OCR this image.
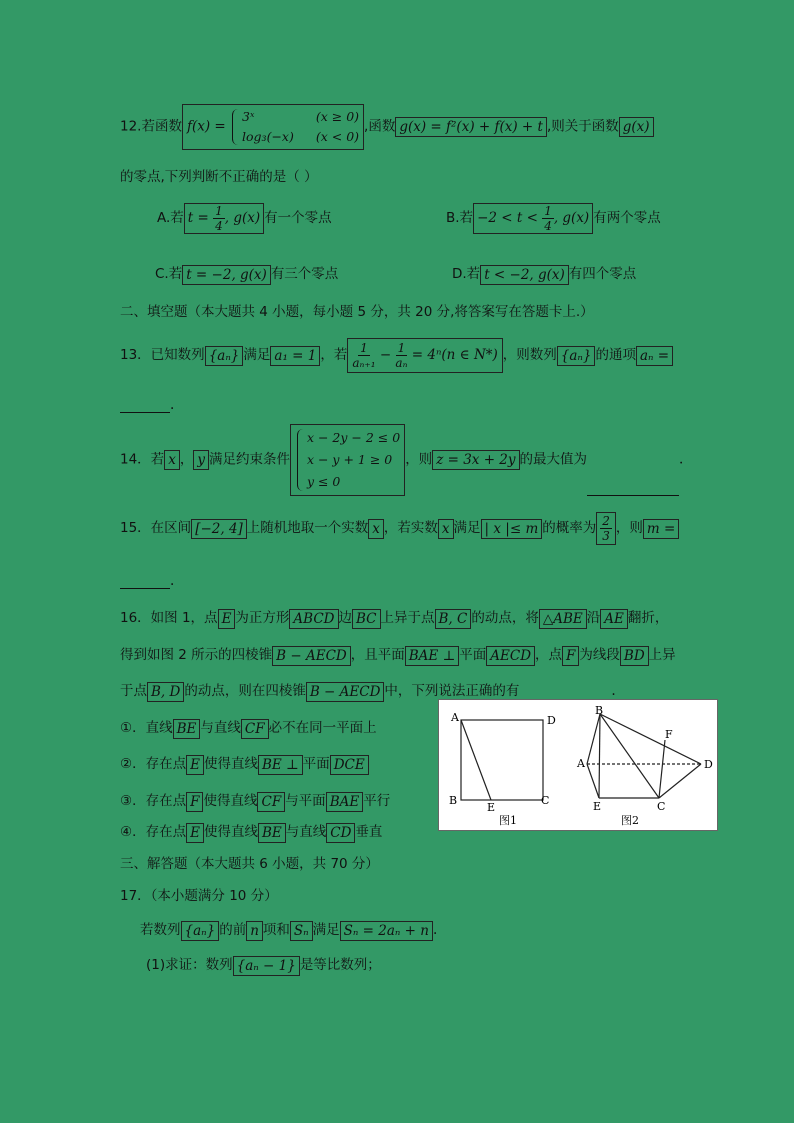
12.若函数 f(x) =
3ˣ	(x ≥ 0)
log₃(−x) (x < 0)
,函数 g(x) = f²(x) + f(x) + t ,则关于函数 g(x)
的零点,下列判断不正确的是（ ）
A.若 $t = \frac{1}{4}$ , g(x) 有一个零点	B.若 $-2 < t < \frac{1}{4}$ , g(x) 有两个零点
C.若 t = −2, g(x) 有三个零点	D.若 t < −2, g(x) 有四个零点
二、填空题（本大题共 4 小题，每小题 5 分，共 20 分,将答案写在答题卡上.）
13．已知数列 {aₙ} 满足 a₁ = 1 ，若 $\frac{1}{\text{aₙ₊₁}} - \frac{1}{\text{aₙ}} = 4^n(n$ ∈ N*) ，则数列 {aₙ} 的通项 aₙ =
.
14．若 x ， y 满足约束条件
x − 2y − 2 ≤ 0
x − y + 1 ≥ 0
y ≤ 0
，则 z = 3x + 2y 的最大值为	.
15．在区间 [−2, 4] 上随机地取一个实数 x ，若实数 x 满足 | x |≤ m 的概率为 $\frac{2}{3}$ ，则 m =
.
16．如图 1，点 E 为正方形 ABCD 边 BC 上异于点 B, C 的动点，将 △ABE 沿 AE 翻折，
得到如图 2 所示的四棱锥 B − AECD ，且平面 BAE ⊥ 平面 AECD ，点 F 为线段 BD 上异
于点 B, D 的动点，则在四棱锥 B − AECD 中，下列说法正确的有	.
①．直线 BE 与直线 CF 必不在同一平面上
②．存在点 E 使得直线 BE ⊥ 平面 DCE
③．存在点 F 使得直线 CF 与平面 BAE 平行
④．存在点 E 使得直线 BE 与直线 CD 垂直
A	D
B
E
C
图1
B
F
A	D
E	C
图2
三、解答题（本大题共 6 小题，共 70 分）
17．（本小题满分 10 分）
若数列 {aₙ} 的前 n 项和 Sₙ 满足 Sₙ = 2aₙ + n .
(1)求证：数列 {aₙ − 1} 是等比数列；
